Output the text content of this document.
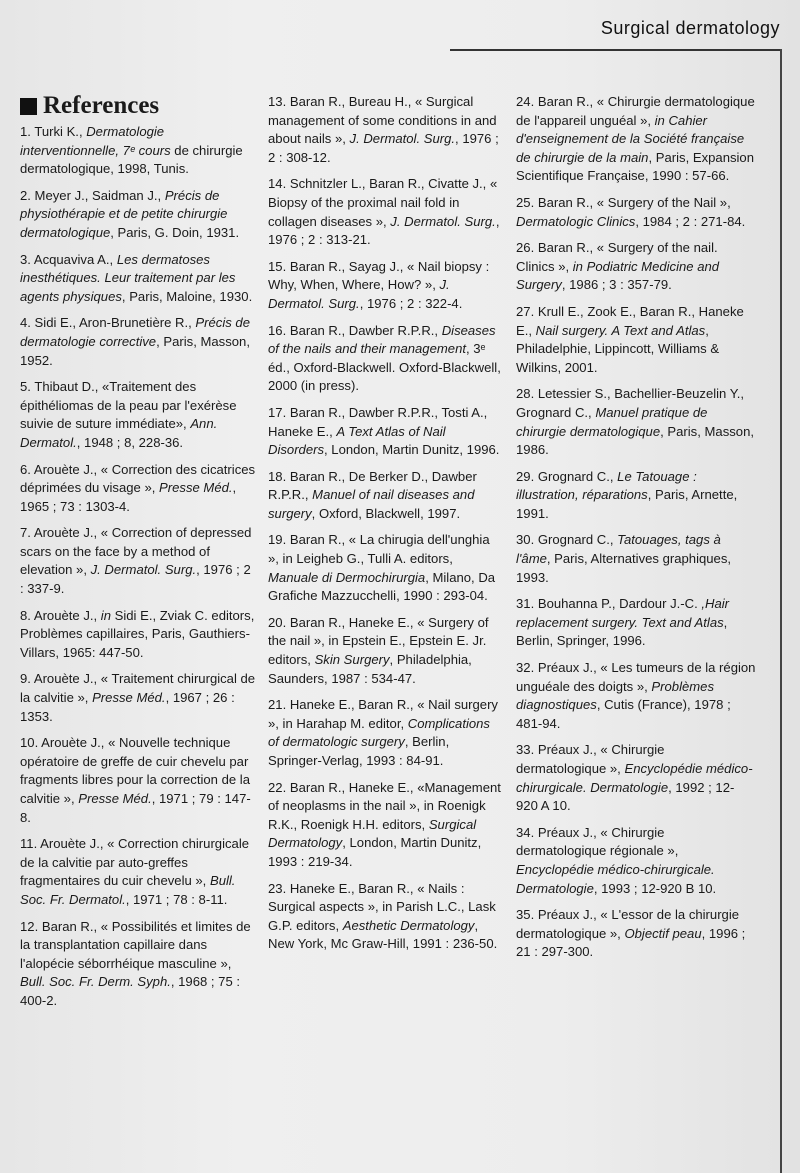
Surgical dermatology
References

1. Turki K., Dermatologie interventionnelle, 7ᵉ cours de chirurgie dermatologique, 1998, Tunis.

2. Meyer J., Saidman J., Précis de physiothérapie et de petite chirurgie dermatologique, Paris, G. Doin, 1931.

3. Acquaviva A., Les dermatoses inesthétiques. Leur traitement par les agents physiques, Paris, Maloine, 1930.

4. Sidi E., Aron-Brunetière R., Précis de dermatologie corrective, Paris, Masson, 1952.

5. Thibaut D., «Traitement des épithéliomas de la peau par l'exérèse suivie de suture immédiate», Ann. Dermatol., 1948 ; 8, 228-36.

6. Arouète J., « Correction des cicatrices déprimées du visage », Presse Méd., 1965 ; 73 : 1303-4.

7. Arouète J., « Correction of depressed scars on the face by a method of elevation », J. Dermatol. Surg., 1976 ; 2 : 337-9.

8. Arouète J., in Sidi E., Zviak C. editors, Problèmes capillaires, Paris, Gauthiers-Villars, 1965: 447-50.

9. Arouète J., « Traitement chirurgical de la calvitie », Presse Méd., 1967 ; 26 : 1353.

10. Arouète J., « Nouvelle technique opératoire de greffe de cuir chevelu par fragments libres pour la correction de la calvitie », Presse Méd., 1971 ; 79 : 147-8.

11. Arouète J., « Correction chirurgicale de la calvitie par auto-greffes fragmentaires du cuir chevelu », Bull. Soc. Fr. Dermatol., 1971 ; 78 : 8-11.

12. Baran R., « Possibilités et limites de la transplantation capillaire dans l'alopécie séborrhéique masculine », Bull. Soc. Fr. Derm. Syph., 1968 ; 75 : 400-2.

13. Baran R., Bureau H., « Surgical management of some conditions in and about nails », J. Dermatol. Surg., 1976 ; 2 : 308-12.

14. Schnitzler L., Baran R., Civatte J., « Biopsy of the proximal nail fold in collagen diseases », J. Dermatol. Surg., 1976 ; 2 : 313-21.

15. Baran R., Sayag J., « Nail biopsy : Why, When, Where, How? », J. Dermatol. Surg., 1976 ; 2 : 322-4.

16. Baran R., Dawber R.P.R., Diseases of the nails and their management, 3ᵉ éd., Oxford-Blackwell. Oxford-Blackwell, 2000 (in press).

17. Baran R., Dawber R.P.R., Tosti A., Haneke E., A Text Atlas of Nail Disorders, London, Martin Dunitz, 1996.

18. Baran R., De Berker D., Dawber R.P.R., Manuel of nail diseases and surgery, Oxford, Blackwell, 1997.

19. Baran R., « La chirugia dell'unghia », in Leigheb G., Tulli A. editors, Manuale di Dermochirurgia, Milano, Da Grafiche Mazzucchelli, 1990 : 293-04.

20. Baran R., Haneke E., « Surgery of the nail », in Epstein E., Epstein E. Jr. editors, Skin Surgery, Philadelphia, Saunders, 1987 : 534-47.

21. Haneke E., Baran R., « Nail surgery », in Harahap M. editor, Complications of dermatologic surgery, Berlin, Springer-Verlag, 1993 : 84-91.

22. Baran R., Haneke E., «Management of neoplasms in the nail », in Roenigk R.K., Roenigk H.H. editors, Surgical Dermatology, London, Martin Dunitz, 1993 : 219-34.

23. Haneke E., Baran R., « Nails : Surgical aspects », in Parish L.C., Lask G.P. editors, Aesthetic Dermatology, New York, Mc Graw-Hill, 1991 : 236-50.

24. Baran R., « Chirurgie dermatologique de l'appareil unguéal », in Cahier d'enseignement de la Société française de chirurgie de la main, Paris, Expansion Scientifique Française, 1990 : 57-66.

25. Baran R., « Surgery of the Nail », Dermatologic Clinics, 1984 ; 2 : 271-84.

26. Baran R., « Surgery of the nail. Clinics », in Podiatric Medicine and Surgery, 1986 ; 3 : 357-79.

27. Krull E., Zook E., Baran R., Haneke E., Nail surgery. A Text and Atlas, Philadelphie, Lippincott, Williams & Wilkins, 2001.

28. Letessier S., Bachellier-Beuzelin Y., Grognard C., Manuel pratique de chirurgie dermatologique, Paris, Masson, 1986.

29. Grognard C., Le Tatouage : illustration, réparations, Paris, Arnette, 1991.

30. Grognard C., Tatouages, tags à l'âme, Paris, Alternatives graphiques, 1993.

31. Bouhanna P., Dardour J.-C. ,Hair replacement surgery. Text and Atlas, Berlin, Springer, 1996.

32. Préaux J., « Les tumeurs de la région unguéale des doigts », Problèmes diagnostiques, Cutis (France), 1978 ; 481-94.

33. Préaux J., « Chirurgie dermatologique », Encyclopédie médico-chirurgicale. Dermatologie, 1992 ; 12-920 A 10.

34. Préaux J., « Chirurgie dermatologique régionale », Encyclopédie médico-chirurgicale. Dermatologie, 1993 ; 12-920 B 10.

35. Préaux J., « L'essor de la chirurgie dermatologique », Objectif peau, 1996 ; 21 : 297-300.
